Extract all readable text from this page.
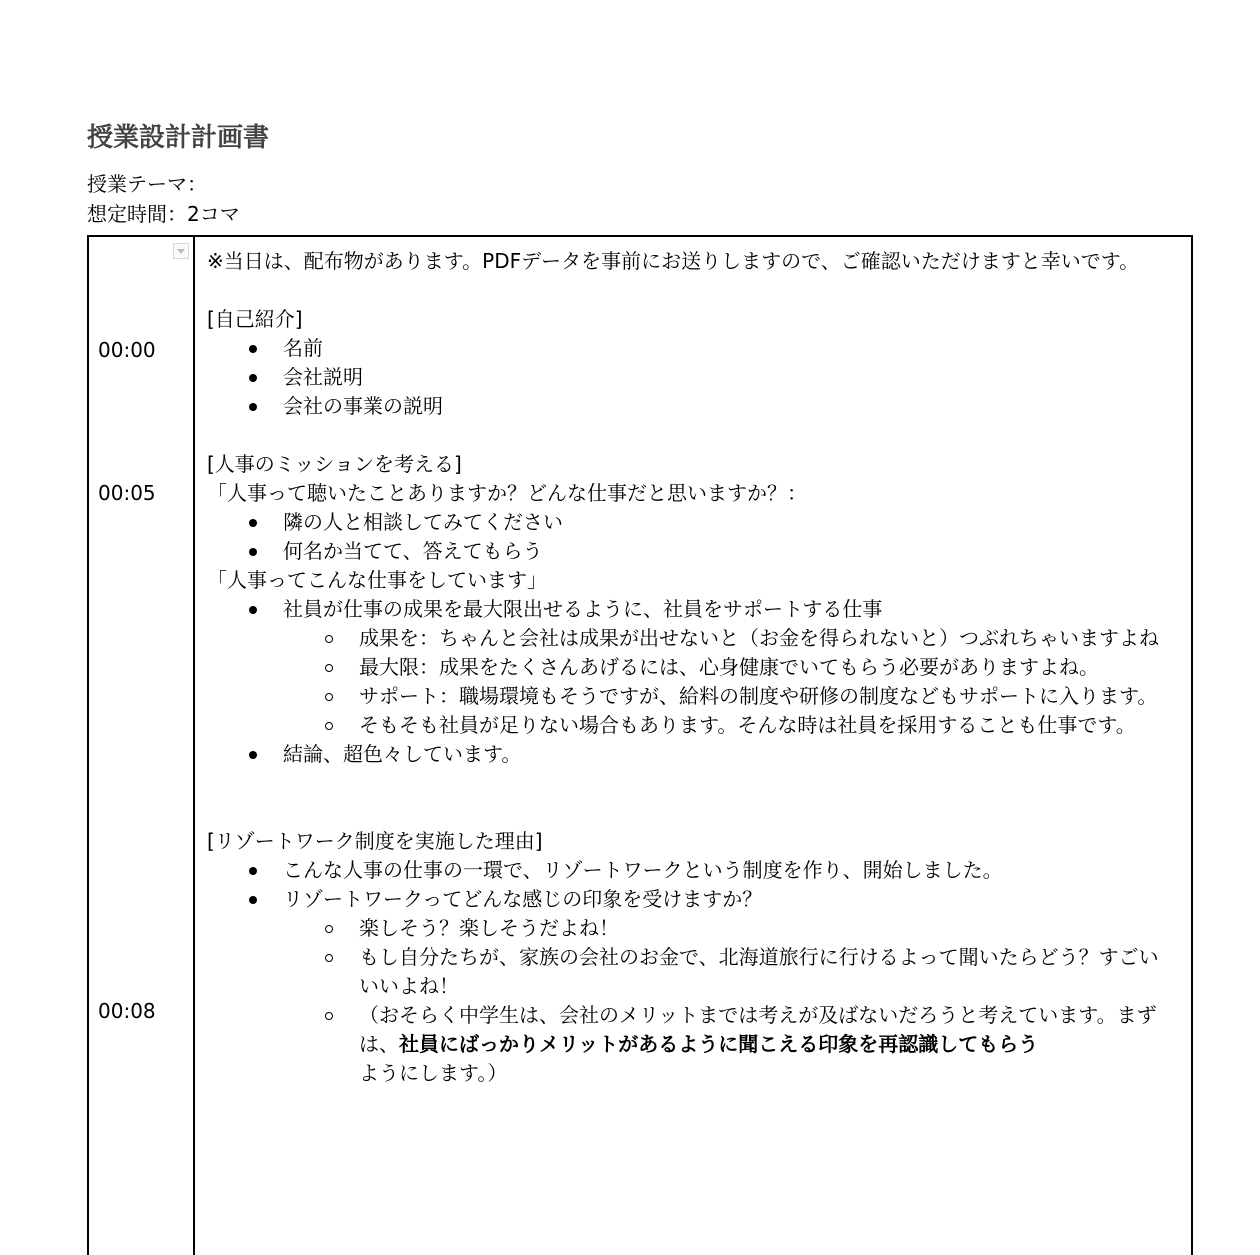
授業設計計画書
授業テーマ：
想定時間：2コマ
00:00
00:05
00:08

※当日は、配布物があります。PDFデータを事前にお送りしますので、ご確認いただけますと幸いです。

[自己紹介]

名前
会社説明
会社の事業の説明

[人事のミッションを考える]

「人事って聴いたことありますか？どんな仕事だと思いますか？：

隣の人と相談してみてください
何名か当てて、答えてもらう

「人事ってこんな仕事をしています」

社員が仕事の成果を最大限出せるように、社員をサポートする仕事
成果を：ちゃんと会社は成果が出せないと（お金を得られないと）つぶれちゃいますよね
最大限：成果をたくさんあげるには、心身健康でいてもらう必要がありますよね。
サポート：職場環境もそうですが、給料の制度や研修の制度などもサポートに入ります。
そもそも社員が足りない場合もあります。そんな時は社員を採用することも仕事です。
結論、超色々しています。

[リゾートワーク制度を実施した理由]

こんな人事の仕事の一環で、リゾートワークという制度を作り、開始しました。
リゾートワークってどんな感じの印象を受けますか？
楽しそう？楽しそうだよね！
もし自分たちが、家族の会社のお金で、北海道旅行に行けるよって聞いたらどう？すごいいいよね！
（おそらく中学生は、会社のメリットまでは考えが及ばないだろうと考えています。まずは、社員にばっかりメリットがあるように聞こえる印象を再認識してもらうようにします。）
